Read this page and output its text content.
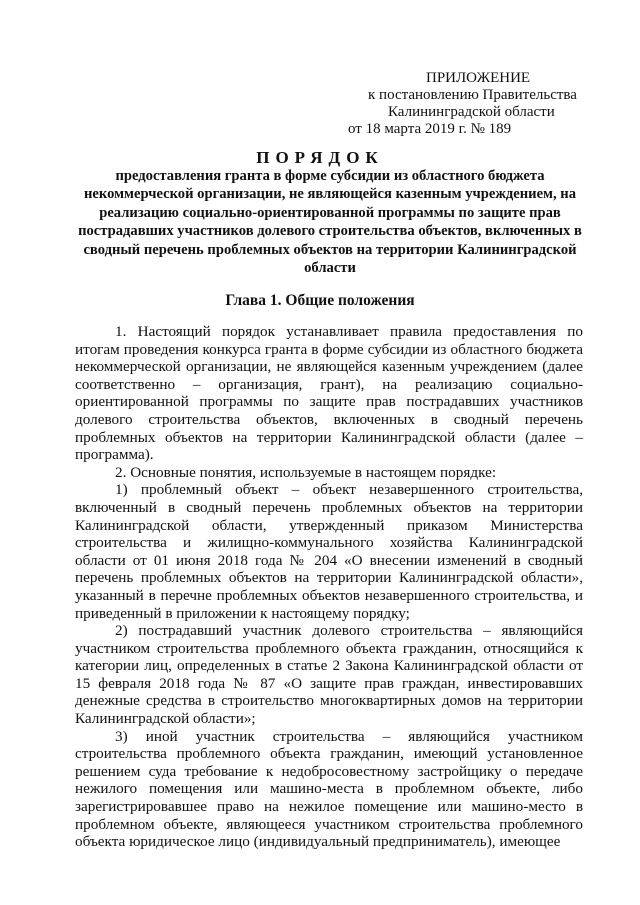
ПРИЛОЖЕНИЕ
к постановлению Правительства
Калининградской области
от 18 марта 2019 г. № 189
ПОРЯДОК
предоставления гранта в форме субсидии из областного бюджета некоммерческой организации, не являющейся казенным учреждением, на реализацию социально-ориентированной программы по защите прав пострадавших участников долевого строительства объектов, включенных в сводный перечень проблемных объектов на территории Калининградской области
Глава 1. Общие положения

1. Настоящий порядок устанавливает правила предоставления по итогам проведения конкурса гранта в форме субсидии из областного бюджета некоммерческой организации, не являющейся казенным учреждением (далее соответственно – организация, грант), на реализацию социально-ориентированной программы по защите прав пострадавших участников долевого строительства объектов, включенных в сводный перечень проблемных объектов на территории Калининградской области (далее – программа).

2. Основные понятия, используемые в настоящем порядке:

1) проблемный объект – объект незавершенного строительства, включенный в сводный перечень проблемных объектов на территории Калининградской области, утвержденный приказом Министерства строительства и жилищно-коммунального хозяйства Калининградской области от 01 июня 2018 года № 204 «О внесении изменений в сводный перечень проблемных объектов на территории Калининградской области», указанный в перечне проблемных объектов незавершенного строительства, и приведенный в приложении к настоящему порядку;

2) пострадавший участник долевого строительства – являющийся участником строительства проблемного объекта гражданин, относящийся к категории лиц, определенных в статье 2 Закона Калининградской области от 15 февраля 2018 года № 87 «О защите прав граждан, инвестировавших денежные средства в строительство многоквартирных домов на территории Калининградской области»;

3) иной участник строительства – являющийся участником строительства проблемного объекта гражданин, имеющий установленное решением суда требование к недобросовестному застройщику о передаче нежилого помещения или машино-места в проблемном объекте, либо зарегистрировавшее право на нежилое помещение или машино-место в проблемном объекте, являющееся участником строительства проблемного объекта юридическое лицо (индивидуальный предприниматель), имеющее
